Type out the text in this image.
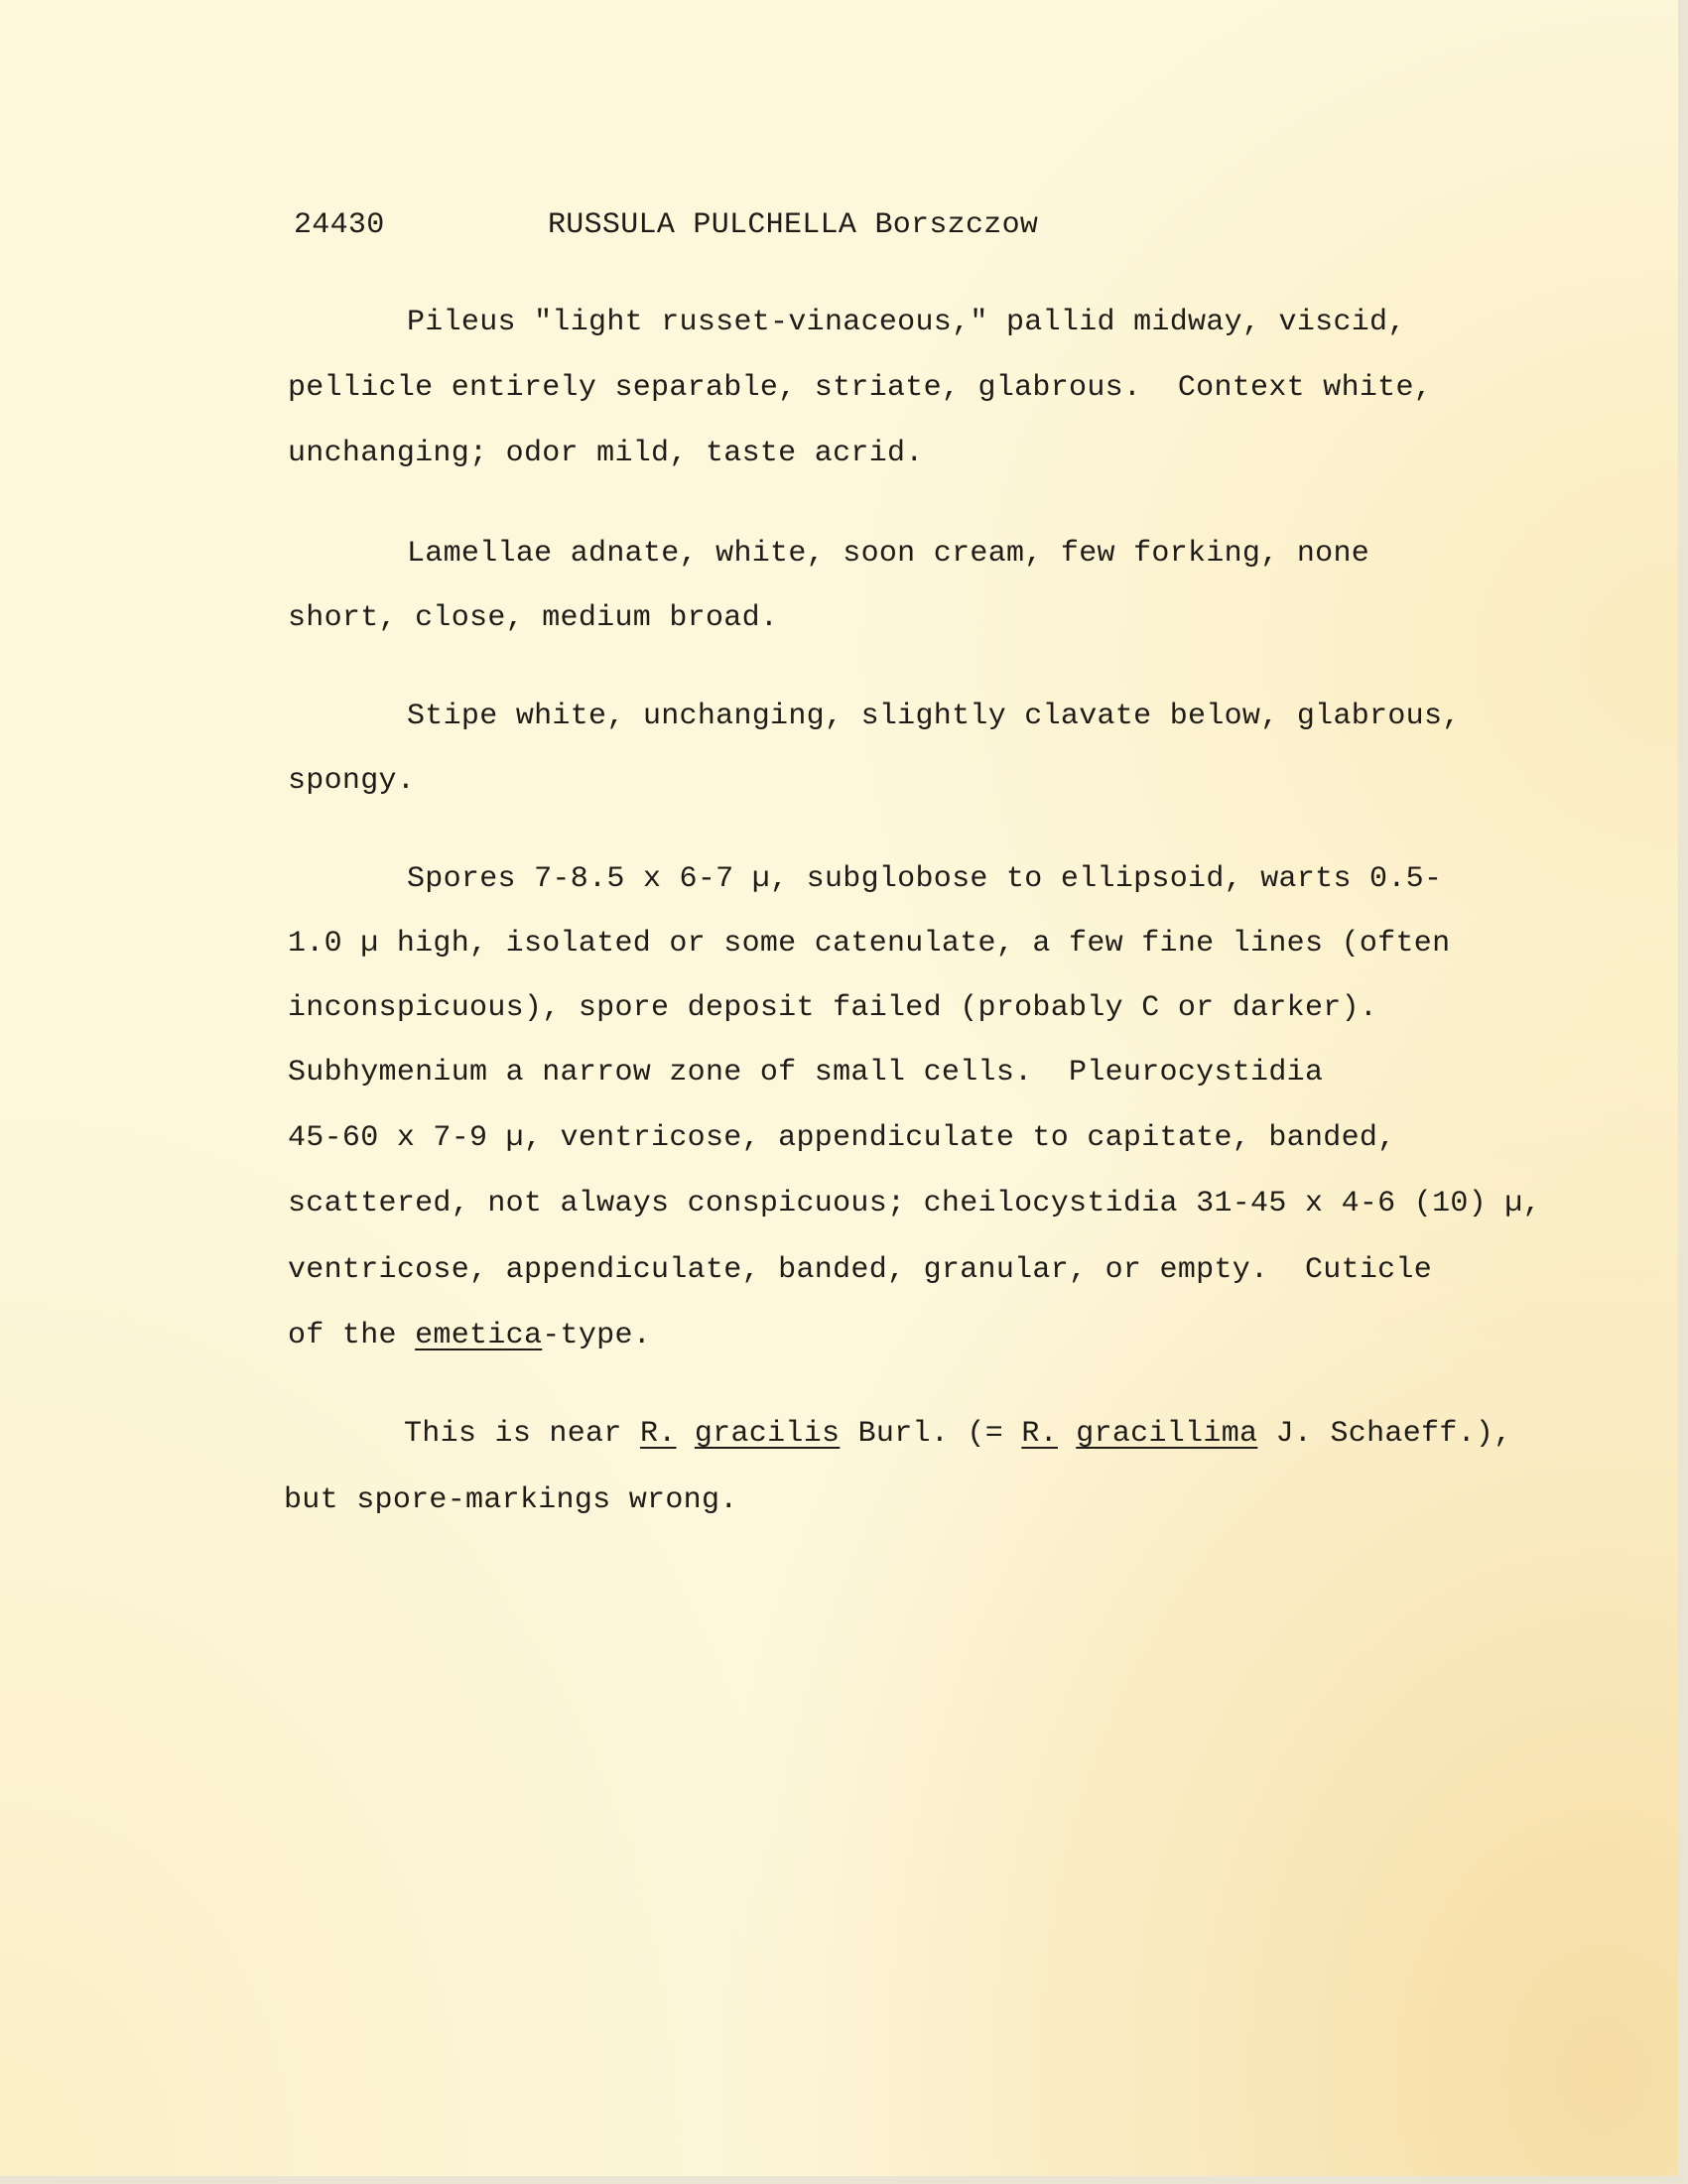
24430	RUSSULA PULCHELLA Borszczow
Pileus "light russet-vinaceous," pallid midway, viscid,
pellicle entirely separable, striate, glabrous.  Context white,
unchanging; odor mild, taste acrid.
Lamellae adnate, white, soon cream, few forking, none
short, close, medium broad.
Stipe white, unchanging, slightly clavate below, glabrous,
spongy.
Spores 7-8.5 x 6-7 µ, subglobose to ellipsoid, warts 0.5-
1.0 µ high, isolated or some catenulate, a few fine lines (often
inconspicuous), spore deposit failed (probably C or darker).
Subhymenium a narrow zone of small cells.  Pleurocystidia
45-60 x 7-9 µ, ventricose, appendiculate to capitate, banded,
scattered, not always conspicuous; cheilocystidia 31-45 x 4-6 (10) µ,
ventricose, appendiculate, banded, granular, or empty.  Cuticle
of the emetica-type.
This is near R. gracilis Burl. (= R. gracillima J. Schaeff.),
but spore-markings wrong.
